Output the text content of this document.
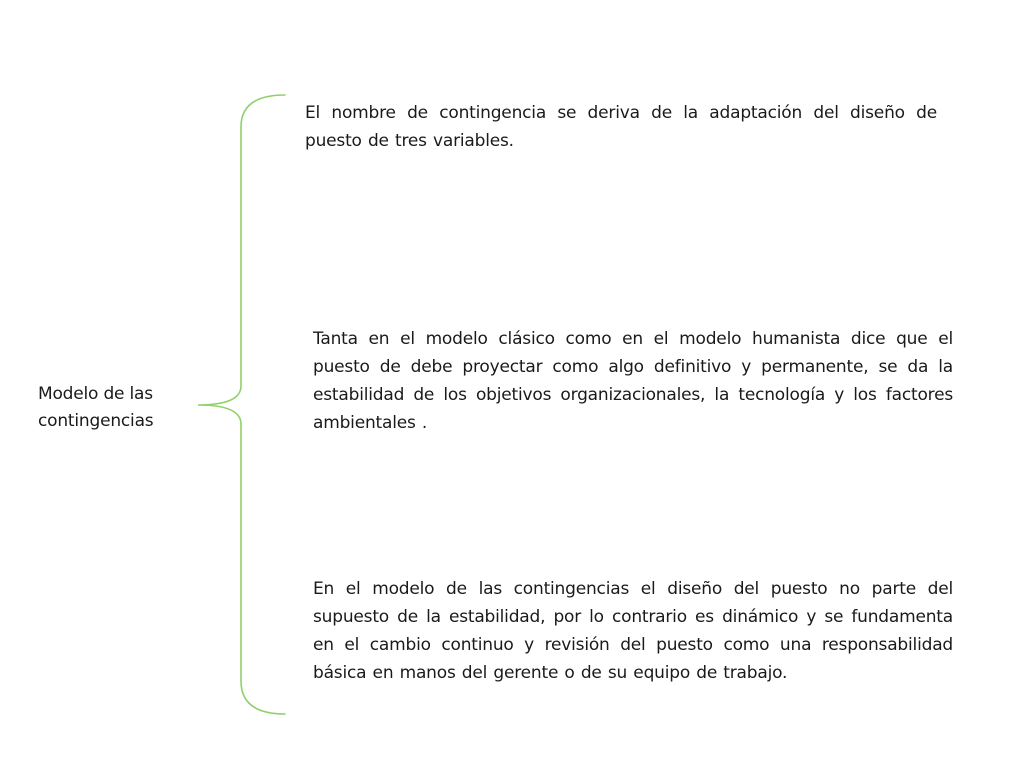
Modelo de las contingencias
El nombre de contingencia se deriva de la adaptación del diseño de puesto de tres variables.
Tanta en el modelo clásico como en el modelo humanista dice que el puesto de debe proyectar como algo definitivo y permanente, se da la estabilidad de los objetivos organizacionales, la tecnología y los factores ambientales .
En el modelo de las contingencias el diseño del puesto no parte del supuesto de la estabilidad, por lo contrario es dinámico y se fundamenta en el cambio continuo y revisión del puesto como una responsabilidad básica en manos del gerente o de su equipo de trabajo.
